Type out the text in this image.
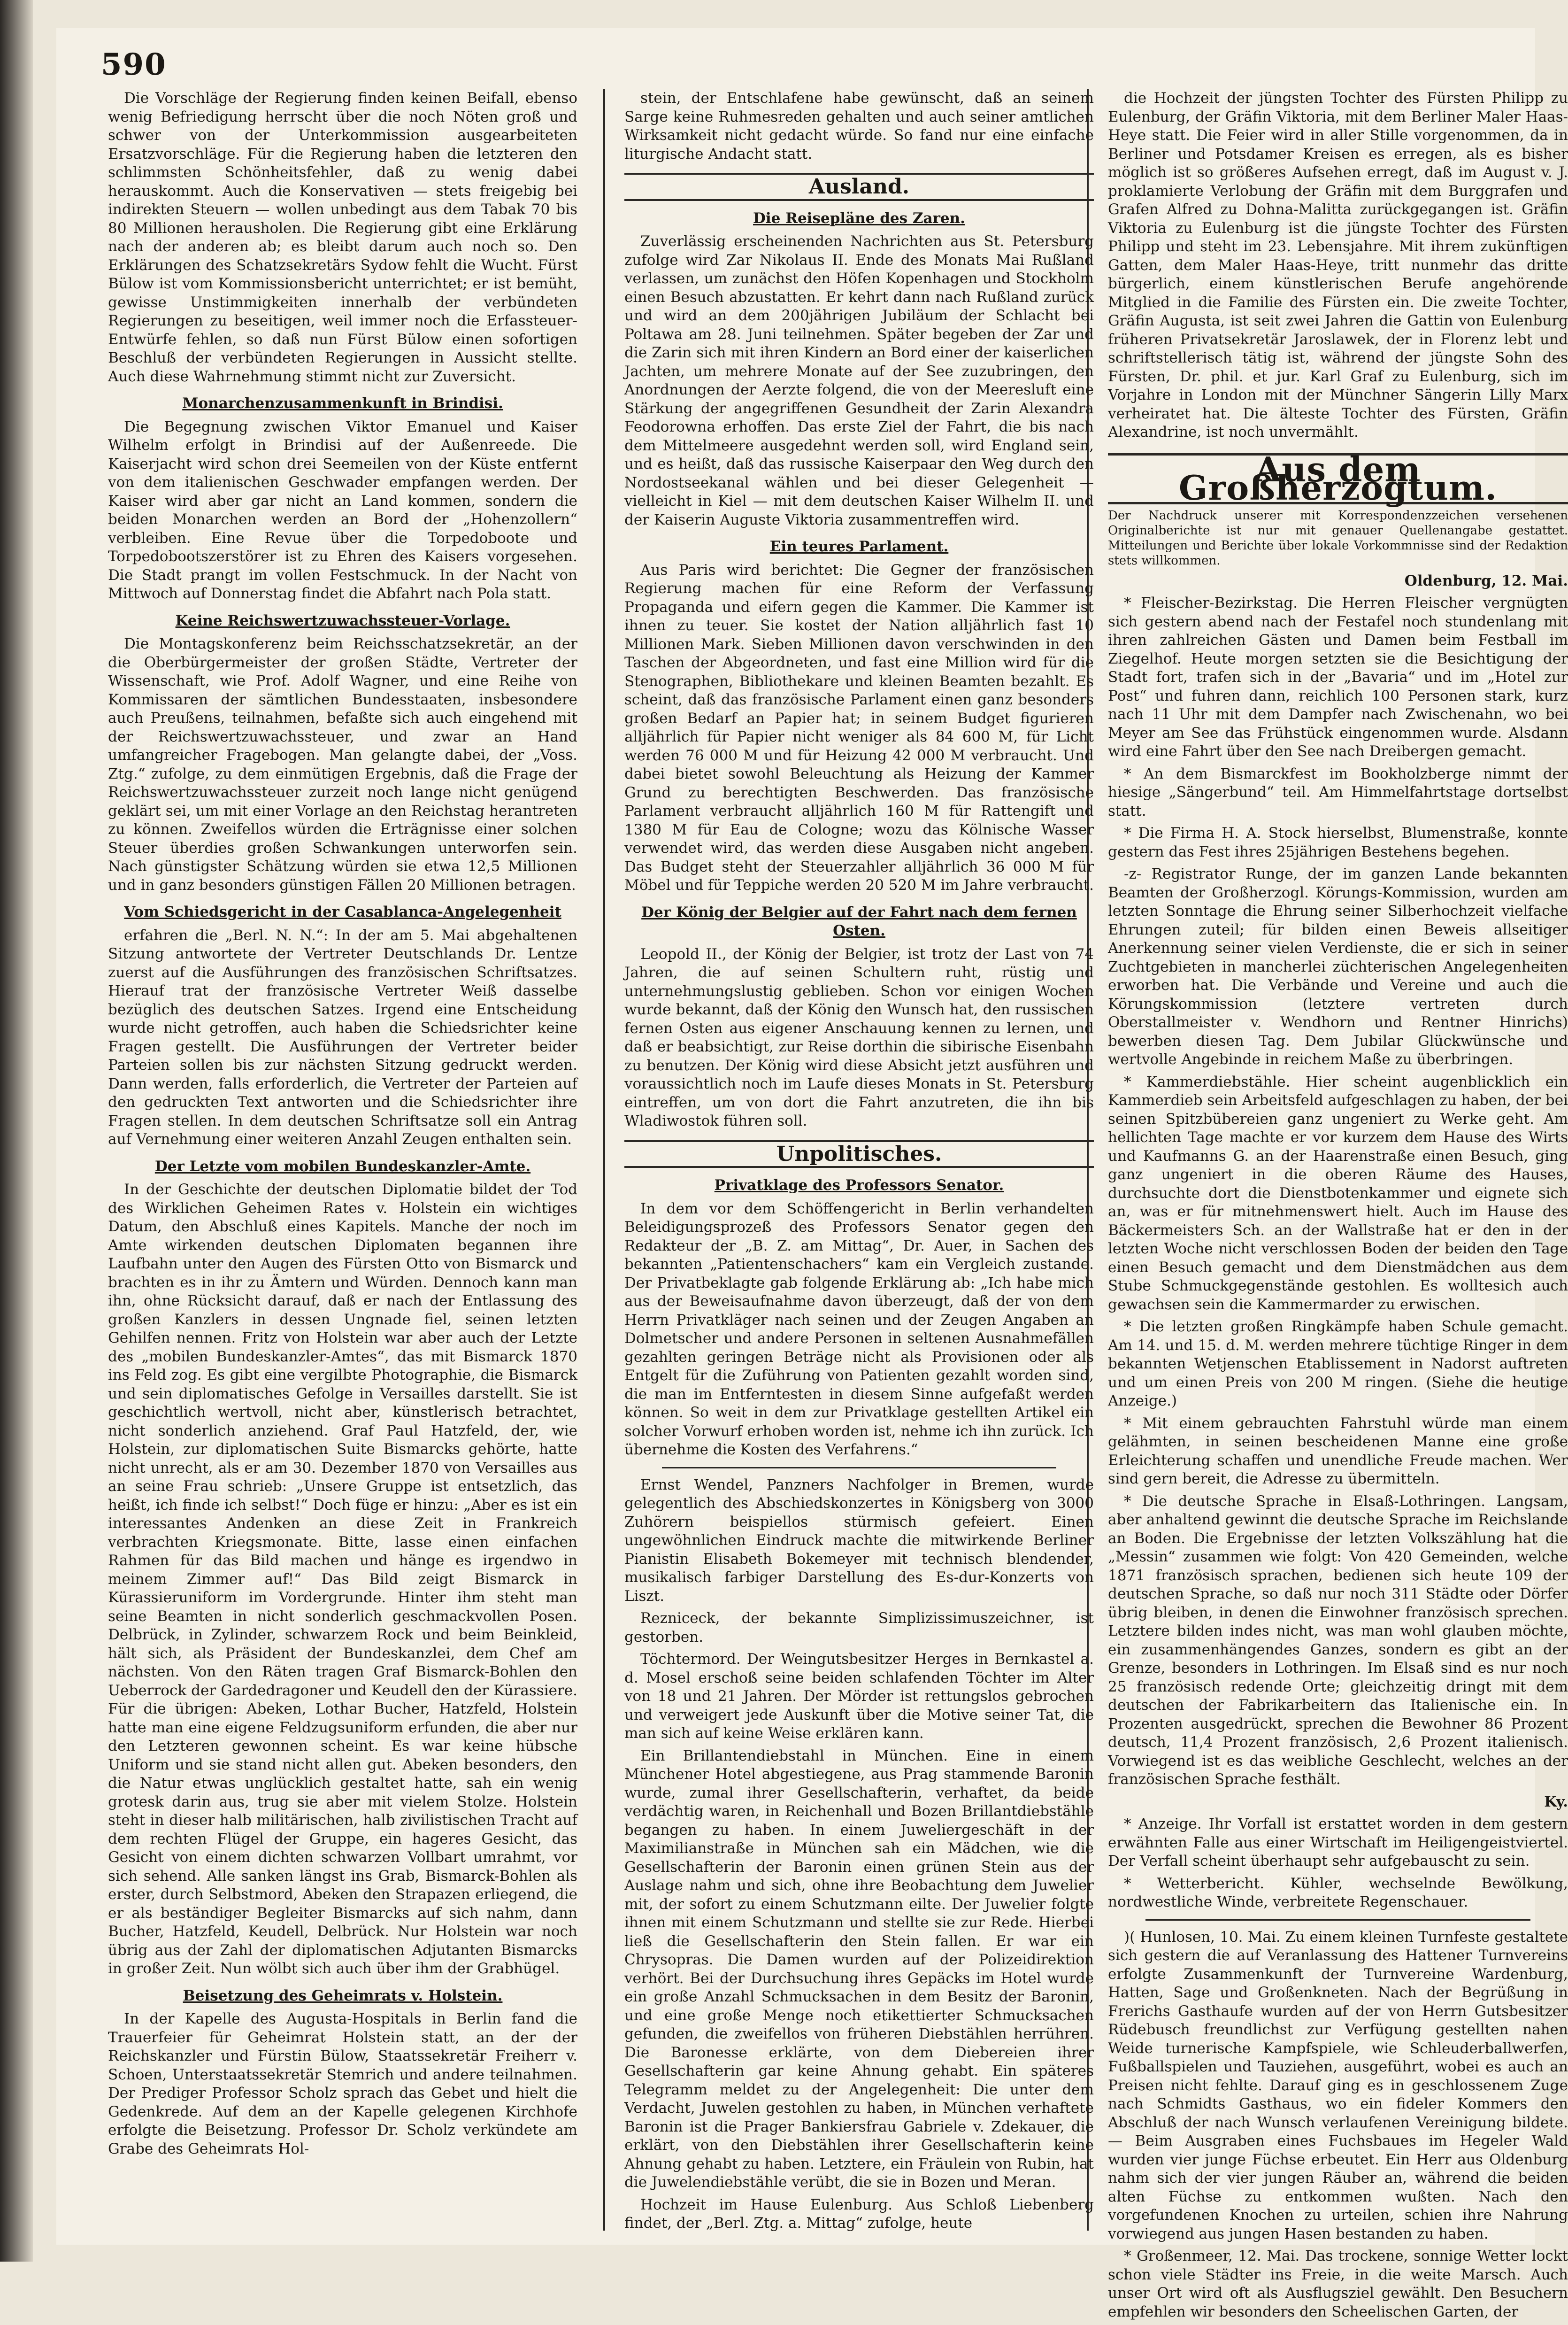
590

Die Vorschläge der Regierung finden keinen Beifall, ebenso wenig Befriedigung herrscht über die noch Nöten groß und schwer von der Unterkommission ausgearbeiteten Ersatzvorschläge. Für die Regierung haben die letzteren den schlimmsten Schönheitsfehler, daß zu wenig dabei herauskommt. Auch die Konservativen — stets freigebig bei indirekten Steuern — wollen unbedingt aus dem Tabak 70 bis 80 Millionen herausholen. Die Regierung gibt eine Erklärung nach der anderen ab; es bleibt darum auch noch so. Den Erklärungen des Schatzsekretärs Sydow fehlt die Wucht. Fürst Bülow ist vom Kommissionsbericht unterrichtet; er ist bemüht, gewisse Unstimmigkeiten innerhalb der verbündeten Regierungen zu beseitigen, weil immer noch die Erfassteuer-Entwürfe fehlen, so daß nun Fürst Bülow einen sofortigen Beschluß der verbündeten Regierungen in Aussicht stellte. Auch diese Wahrnehmung stimmt nicht zur Zuversicht.

Monarchenzusammenkunft in Brindisi.

Die Begegnung zwischen Viktor Emanuel und Kaiser Wilhelm erfolgt in Brindisi auf der Außenreede. Die Kaiserjacht wird schon drei Seemeilen von der Küste entfernt von dem italienischen Geschwader empfangen werden. Der Kaiser wird aber gar nicht an Land kommen, sondern die beiden Monarchen werden an Bord der „Hohenzollern“ verbleiben. Eine Revue über die Torpedoboote und Torpedobootszerstörer ist zu Ehren des Kaisers vorgesehen. Die Stadt prangt im vollen Festschmuck. In der Nacht von Mittwoch auf Donnerstag findet die Abfahrt nach Pola statt.

Keine Reichswertzuwachssteuer-Vorlage.

Die Montagskonferenz beim Reichsschatzsekretär, an der die Oberbürgermeister der großen Städte, Vertreter der Wissenschaft, wie Prof. Adolf Wagner, und eine Reihe von Kommissaren der sämtlichen Bundesstaaten, insbesondere auch Preußens, teilnahmen, befaßte sich auch eingehend mit der Reichswertzuwachssteuer, und zwar an Hand umfangreicher Fragebogen. Man gelangte dabei, der „Voss. Ztg.“ zufolge, zu dem einmütigen Ergebnis, daß die Frage der Reichswertzuwachssteuer zurzeit noch lange nicht genügend geklärt sei, um mit einer Vorlage an den Reichstag herantreten zu können. Zweifellos würden die Erträgnisse einer solchen Steuer überdies großen Schwankungen unterworfen sein. Nach günstigster Schätzung würden sie etwa 12,5 Millionen und in ganz besonders günstigen Fällen 20 Millionen betragen.

Vom Schiedsgericht in der Casablanca-Angelegenheit

erfahren die „Berl. N. N.“: In der am 5. Mai abgehaltenen Sitzung antwortete der Vertreter Deutschlands Dr. Lentze zuerst auf die Ausführungen des französischen Schriftsatzes. Hierauf trat der französische Vertreter Weiß dasselbe bezüglich des deutschen Satzes. Irgend eine Entscheidung wurde nicht getroffen, auch haben die Schiedsrichter keine Fragen gestellt. Die Ausführungen der Vertreter beider Parteien sollen bis zur nächsten Sitzung gedruckt werden. Dann werden, falls erforderlich, die Vertreter der Parteien auf den gedruckten Text antworten und die Schiedsrichter ihre Fragen stellen. In dem deutschen Schriftsatze soll ein Antrag auf Vernehmung einer weiteren Anzahl Zeugen enthalten sein.

Der Letzte vom mobilen Bundeskanzler-Amte.

In der Geschichte der deutschen Diplomatie bildet der Tod des Wirklichen Geheimen Rates v. Holstein ein wichtiges Datum, den Abschluß eines Kapitels. Manche der noch im Amte wirkenden deutschen Diplomaten begannen ihre Laufbahn unter den Augen des Fürsten Otto von Bismarck und brachten es in ihr zu Ämtern und Würden. Dennoch kann man ihn, ohne Rücksicht darauf, daß er nach der Entlassung des großen Kanzlers in dessen Ungnade fiel, seinen letzten Gehilfen nennen. Fritz von Holstein war aber auch der Letzte des „mobilen Bundeskanzler-Amtes“, das mit Bismarck 1870 ins Feld zog. Es gibt eine vergilbte Photographie, die Bismarck und sein diplomatisches Gefolge in Versailles darstellt. Sie ist geschichtlich wertvoll, nicht aber, künstlerisch betrachtet, nicht sonderlich anziehend. Graf Paul Hatzfeld, der, wie Holstein, zur diplomatischen Suite Bismarcks gehörte, hatte nicht unrecht, als er am 30. Dezember 1870 von Versailles aus an seine Frau schrieb: „Unsere Gruppe ist entsetzlich, das heißt, ich finde ich selbst!“ Doch füge er hinzu: „Aber es ist ein interessantes Andenken an diese Zeit in Frankreich verbrachten Kriegsmonate. Bitte, lasse einen einfachen Rahmen für das Bild machen und hänge es irgendwo in meinem Zimmer auf!“ Das Bild zeigt Bismarck in Kürassieruniform im Vordergrunde. Hinter ihm steht man seine Beamten in nicht sonderlich geschmackvollen Posen. Delbrück, in Zylinder, schwarzem Rock und beim Beinkleid, hält sich, als Präsident der Bundeskanzlei, dem Chef am nächsten. Von den Räten tragen Graf Bismarck-Bohlen den Ueberrock der Gardedragoner und Keudell den der Kürassiere. Für die übrigen: Abeken, Lothar Bucher, Hatzfeld, Holstein hatte man eine eigene Feldzugsuniform erfunden, die aber nur den Letzteren gewonnen scheint. Es war keine hübsche Uniform und sie stand nicht allen gut. Abeken besonders, den die Natur etwas unglücklich gestaltet hatte, sah ein wenig grotesk darin aus, trug sie aber mit vielem Stolze. Holstein steht in dieser halb militärischen, halb zivilistischen Tracht auf dem rechten Flügel der Gruppe, ein hageres Gesicht, das Gesicht von einem dichten schwarzen Vollbart umrahmt, vor sich sehend. Alle sanken längst ins Grab, Bismarck-Bohlen als erster, durch Selbstmord, Abeken den Strapazen erliegend, die er als beständiger Begleiter Bismarcks auf sich nahm, dann Bucher, Hatzfeld, Keudell, Delbrück. Nur Holstein war noch übrig aus der Zahl der diplomatischen Adjutanten Bismarcks in großer Zeit. Nun wölbt sich auch über ihm der Grabhügel.

Beisetzung des Geheimrats v. Holstein.

In der Kapelle des Augusta-Hospitals in Berlin fand die Trauerfeier für Geheimrat Holstein statt, an der der Reichskanzler und Fürstin Bülow, Staatssekretär Freiherr v. Schoen, Unterstaatssekretär Stemrich und andere teilnahmen. Der Prediger Professor Scholz sprach das Gebet und hielt die Gedenkrede. Auf dem an der Kapelle gelegenen Kirchhofe erfolgte die Beisetzung. Professor Dr. Scholz verkündete am Grabe des Geheimrats Hol-

stein, der Entschlafene habe gewünscht, daß an seinem Sarge keine Ruhmesreden gehalten und auch seiner amtlichen Wirksamkeit nicht gedacht würde. So fand nur eine einfache liturgische Andacht statt.

Ausland.
Die Reisepläne des Zaren.

Zuverlässig erscheinenden Nachrichten aus St. Petersburg zufolge wird Zar Nikolaus II. Ende des Monats Mai Rußland verlassen, um zunächst den Höfen Kopenhagen und Stockholm einen Besuch abzustatten. Er kehrt dann nach Rußland zurück und wird an dem 200jährigen Jubiläum der Schlacht bei Poltawa am 28. Juni teilnehmen. Später begeben der Zar und die Zarin sich mit ihren Kindern an Bord einer der kaiserlichen Jachten, um mehrere Monate auf der See zuzubringen, den Anordnungen der Aerzte folgend, die von der Meeresluft eine Stärkung der angegriffenen Gesundheit der Zarin Alexandra Feodorowna erhoffen. Das erste Ziel der Fahrt, die bis nach dem Mittelmeere ausgedehnt werden soll, wird England sein, und es heißt, daß das russische Kaiserpaar den Weg durch den Nordostseekanal wählen und bei dieser Gelegenheit — vielleicht in Kiel — mit dem deutschen Kaiser Wilhelm II. und der Kaiserin Auguste Viktoria zusammentreffen wird.

Ein teures Parlament.

Aus Paris wird berichtet: Die Gegner der französischen Regierung machen für eine Reform der Verfassung Propaganda und eifern gegen die Kammer. Die Kammer ist ihnen zu teuer. Sie kostet der Nation alljährlich fast 10 Millionen Mark. Sieben Millionen davon verschwinden in den Taschen der Abgeordneten, und fast eine Million wird für die Stenographen, Bibliothekare und kleinen Beamten bezahlt. Es scheint, daß das französische Parlament einen ganz besonders großen Bedarf an Papier hat; in seinem Budget figurieren alljährlich für Papier nicht weniger als 84 600 M, für Licht werden 76 000 M und für Heizung 42 000 M verbraucht. Und dabei bietet sowohl Beleuchtung als Heizung der Kammer Grund zu berechtigten Beschwerden. Das französische Parlament verbraucht alljährlich 160 M für Rattengift und 1380 M für Eau de Cologne; wozu das Kölnische Wasser verwendet wird, das werden diese Ausgaben nicht angeben. Das Budget steht der Steuerzahler alljährlich 36 000 M für Möbel und für Teppiche werden 20 520 M im Jahre verbraucht.

Der König der Belgier auf der Fahrt nach dem fernen Osten.

Leopold II., der König der Belgier, ist trotz der Last von 74 Jahren, die auf seinen Schultern ruht, rüstig und unternehmungslustig geblieben. Schon vor einigen Wochen wurde bekannt, daß der König den Wunsch hat, den russischen fernen Osten aus eigener Anschauung kennen zu lernen, und daß er beabsichtigt, zur Reise dorthin die sibirische Eisenbahn zu benutzen. Der König wird diese Absicht jetzt ausführen und voraussichtlich noch im Laufe dieses Monats in St. Petersburg eintreffen, um von dort die Fahrt anzutreten, die ihn bis Wladiwostok führen soll.

Unpolitisches.
Privatklage des Professors Senator.

In dem vor dem Schöffengericht in Berlin verhandelten Beleidigungsprozeß des Professors Senator gegen den Redakteur der „B. Z. am Mittag“, Dr. Auer, in Sachen des bekannten „Patientenschachers“ kam ein Vergleich zustande. Der Privatbeklagte gab folgende Erklärung ab: „Ich habe mich aus der Beweisaufnahme davon überzeugt, daß der von dem Herrn Privatkläger nach seinen und der Zeugen Angaben an Dolmetscher und andere Personen in seltenen Ausnahmefällen gezahlten geringen Beträge nicht als Provisionen oder als Entgelt für die Zuführung von Patienten gezahlt worden sind, die man im Entferntesten in diesem Sinne aufgefaßt werden können. So weit in dem zur Privatklage gestellten Artikel ein solcher Vorwurf erhoben worden ist, nehme ich ihn zurück. Ich übernehme die Kosten des Verfahrens.“

Ernst Wendel, Panzners Nachfolger in Bremen, wurde gelegentlich des Abschiedskonzertes in Königsberg von 3000 Zuhörern beispiellos stürmisch gefeiert. Einen ungewöhnlichen Eindruck machte die mitwirkende Berliner Pianistin Elisabeth Bokemeyer mit technisch blendender, musikalisch farbiger Darstellung des Es-dur-Konzerts von Liszt.

Rezniceck, der bekannte Simplizissimuszeichner, ist gestorben.

Töchtermord. Der Weingutsbesitzer Herges in Bernkastel a. d. Mosel erschoß seine beiden schlafenden Töchter im Alter von 18 und 21 Jahren. Der Mörder ist rettungslos gebrochen und verweigert jede Auskunft über die Motive seiner Tat, die man sich auf keine Weise erklären kann.

Ein Brillantendiebstahl in München. Eine in einem Münchener Hotel abgestiegene, aus Prag stammende Baronin wurde, zumal ihrer Gesellschafterin, verhaftet, da beide verdächtig waren, in Reichenhall und Bozen Brillantdiebstähle begangen zu haben. In einem Juweliergeschäft in der Maximilianstraße in München sah ein Mädchen, wie die Gesellschafterin der Baronin einen grünen Stein aus der Auslage nahm und sich, ohne ihre Beobachtung dem Juwelier mit, der sofort zu einem Schutzmann eilte. Der Juwelier folgte ihnen mit einem Schutzmann und stellte sie zur Rede. Hierbei ließ die Gesellschafterin den Stein fallen. Er war ein Chrysopras. Die Damen wurden auf der Polizeidirektion verhört. Bei der Durchsuchung ihres Gepäcks im Hotel wurde ein große Anzahl Schmucksachen in dem Besitz der Baronin, und eine große Menge noch etikettierter Schmucksachen gefunden, die zweifellos von früheren Diebstählen herrühren. Die Baronesse erklärte, von dem Diebereien ihrer Gesellschafterin gar keine Ahnung gehabt. Ein späteres Telegramm meldet zu der Angelegenheit: Die unter dem Verdacht, Juwelen gestohlen zu haben, in München verhaftete Baronin ist die Prager Bankiersfrau Gabriele v. Zdekauer, die erklärt, von den Diebstählen ihrer Gesellschafterin keine Ahnung gehabt zu haben. Letztere, ein Fräulein von Rubin, hat die Juwelendiebstähle verübt, die sie in Bozen und Meran.

Hochzeit im Hause Eulenburg. Aus Schloß Liebenberg findet, der „Berl. Ztg. a. Mittag“ zufolge, heute

die Hochzeit der jüngsten Tochter des Fürsten Philipp zu Eulenburg, der Gräfin Viktoria, mit dem Berliner Maler Haas-Heye statt. Die Feier wird in aller Stille vorgenommen, da in Berliner und Potsdamer Kreisen es erregen, als es bisher möglich ist so größeres Aufsehen erregt, daß im August v. J. proklamierte Verlobung der Gräfin mit dem Burggrafen und Grafen Alfred zu Dohna-Malitta zurückgegangen ist. Gräfin Viktoria zu Eulenburg ist die jüngste Tochter des Fürsten Philipp und steht im 23. Lebensjahre. Mit ihrem zukünftigen Gatten, dem Maler Haas-Heye, tritt nunmehr das dritte bürgerlich, einem künstlerischen Berufe angehörende Mitglied in die Familie des Fürsten ein. Die zweite Tochter, Gräfin Augusta, ist seit zwei Jahren die Gattin von Eulenburg früheren Privatsekretär Jaroslawek, der in Florenz lebt und schriftstellerisch tätig ist, während der jüngste Sohn des Fürsten, Dr. phil. et jur. Karl Graf zu Eulenburg, sich im Vorjahre in London mit der Münchner Sängerin Lilly Marx verheiratet hat. Die älteste Tochter des Fürsten, Gräfin Alexandrine, ist noch unvermählt.

Aus dem Großherzogtum.

Der Nachdruck unserer mit Korrespondenzzeichen versehenen Originalberichte ist nur mit genauer Quellenangabe gestattet. Mitteilungen und Berichte über lokale Vorkommnisse sind der Redaktion stets willkommen.

Oldenburg, 12. Mai.

* Fleischer-Bezirkstag. Die Herren Fleischer vergnügten sich gestern abend nach der Festafel noch stundenlang mit ihren zahlreichen Gästen und Damen beim Festball im Ziegelhof. Heute morgen setzten sie die Besichtigung der Stadt fort, trafen sich in der „Bavaria“ und im „Hotel zur Post“ und fuhren dann, reichlich 100 Personen stark, kurz nach 11 Uhr mit dem Dampfer nach Zwischenahn, wo bei Meyer am See das Frühstück eingenommen wurde. Alsdann wird eine Fahrt über den See nach Dreibergen gemacht.

* An dem Bismarckfest im Bookholzberge nimmt der hiesige „Sängerbund“ teil. Am Himmelfahrtstage dortselbst statt.

* Die Firma H. A. Stock hierselbst, Blumenstraße, konnte gestern das Fest ihres 25jährigen Bestehens begehen.

-z- Registrator Runge, der im ganzen Lande bekannten Beamten der Großherzogl. Körungs-Kommission, wurden am letzten Sonntage die Ehrung seiner Silberhochzeit vielfache Ehrungen zuteil; für bilden einen Beweis allseitiger Anerkennung seiner vielen Verdienste, die er sich in seiner Zuchtgebieten in mancherlei züchterischen Angelegenheiten erworben hat. Die Verbände und Vereine und auch die Körungskommission (letztere vertreten durch Oberstallmeister v. Wendhorn und Rentner Hinrichs) bewerben diesen Tag. Dem Jubilar Glückwünsche und wertvolle Angebinde in reichem Maße zu überbringen.

* Kammerdiebstähle. Hier scheint augenblicklich ein Kammerdieb sein Arbeitsfeld aufgeschlagen zu haben, der bei seinen Spitzbübereien ganz ungeniert zu Werke geht. Am hellichten Tage machte er vor kurzem dem Hause des Wirts und Kaufmanns G. an der Haarenstraße einen Besuch, ging ganz ungeniert in die oberen Räume des Hauses, durchsuchte dort die Dienstbotenkammer und eignete sich an, was er für mitnehmenswert hielt. Auch im Hause des Bäckermeisters Sch. an der Wallstraße hat er den in der letzten Woche nicht verschlossen Boden der beiden den Tage einen Besuch gemacht und dem Dienstmädchen aus dem Stube Schmuckgegenstände gestohlen. Es wolltesich auch gewachsen sein die Kammermarder zu erwischen.

* Die letzten großen Ringkämpfe haben Schule gemacht. Am 14. und 15. d. M. werden mehrere tüchtige Ringer in dem bekannten Wetjenschen Etablissement in Nadorst auftreten und um einen Preis von 200 M ringen. (Siehe die heutige Anzeige.)

* Mit einem gebrauchten Fahrstuhl würde man einem gelähmten, in seinen bescheidenen Manne eine große Erleichterung schaffen und unendliche Freude machen. Wer sind gern bereit, die Adresse zu übermitteln.

* Die deutsche Sprache in Elsaß-Lothringen. Langsam, aber anhaltend gewinnt die deutsche Sprache im Reichslande an Boden. Die Ergebnisse der letzten Volkszählung hat die „Messin“ zusammen wie folgt: Von 420 Gemeinden, welche 1871 französisch sprachen, bedienen sich heute 109 der deutschen Sprache, so daß nur noch 311 Städte oder Dörfer übrig bleiben, in denen die Einwohner französisch sprechen. Letztere bilden indes nicht, was man wohl glauben möchte, ein zusammenhängendes Ganzes, sondern es gibt an der Grenze, besonders in Lothringen. Im Elsaß sind es nur noch 25 französisch redende Orte; gleichzeitig dringt mit dem deutschen der Fabrikarbeitern das Italienische ein. In Prozenten ausgedrückt, sprechen die Bewohner 86 Prozent deutsch, 11,4 Prozent französisch, 2,6 Prozent italienisch. Vorwiegend ist es das weibliche Geschlecht, welches an der französischen Sprache festhält.

Ky.

* Anzeige. Ihr Vorfall ist erstattet worden in dem gestern erwähnten Falle aus einer Wirtschaft im Heiligengeistviertel. Der Verfall scheint überhaupt sehr aufgebauscht zu sein.

* Wetterbericht. Kühler, wechselnde Bewölkung, nordwestliche Winde, verbreitete Regenschauer.

)( Hunlosen, 10. Mai. Zu einem kleinen Turnfeste gestaltete sich gestern die auf Veranlassung des Hattener Turnvereins erfolgte Zusammenkunft der Turnvereine Wardenburg, Hatten, Sage und Großenkneten. Nach der Begrüßung in Frerichs Gasthaufe wurden auf der von Herrn Gutsbesitzer Rüdebusch freundlichst zur Verfügung gestellten nahen Weide turnerische Kampfspiele, wie Schleuderballwerfen, Fußballspielen und Tauziehen, ausgeführt, wobei es auch an Preisen nicht fehlte. Darauf ging es in geschlossenem Zuge nach Schmidts Gasthaus, wo ein fideler Kommers den Abschluß der nach Wunsch verlaufenen Vereinigung bildete. — Beim Ausgraben eines Fuchsbaues im Hegeler Wald wurden vier junge Füchse erbeutet. Ein Herr aus Oldenburg nahm sich der vier jungen Räuber an, während die beiden alten Füchse zu entkommen wußten. Nach den vorgefundenen Knochen zu urteilen, schien ihre Nahrung vorwiegend aus jungen Hasen bestanden zu haben.

* Großenmeer, 12. Mai. Das trockene, sonnige Wetter lockt schon viele Städter ins Freie, in die weite Marsch. Auch unser Ort wird oft als Ausflugsziel gewählt. Den Besuchern empfehlen wir besonders den Scheelischen Garten, der
